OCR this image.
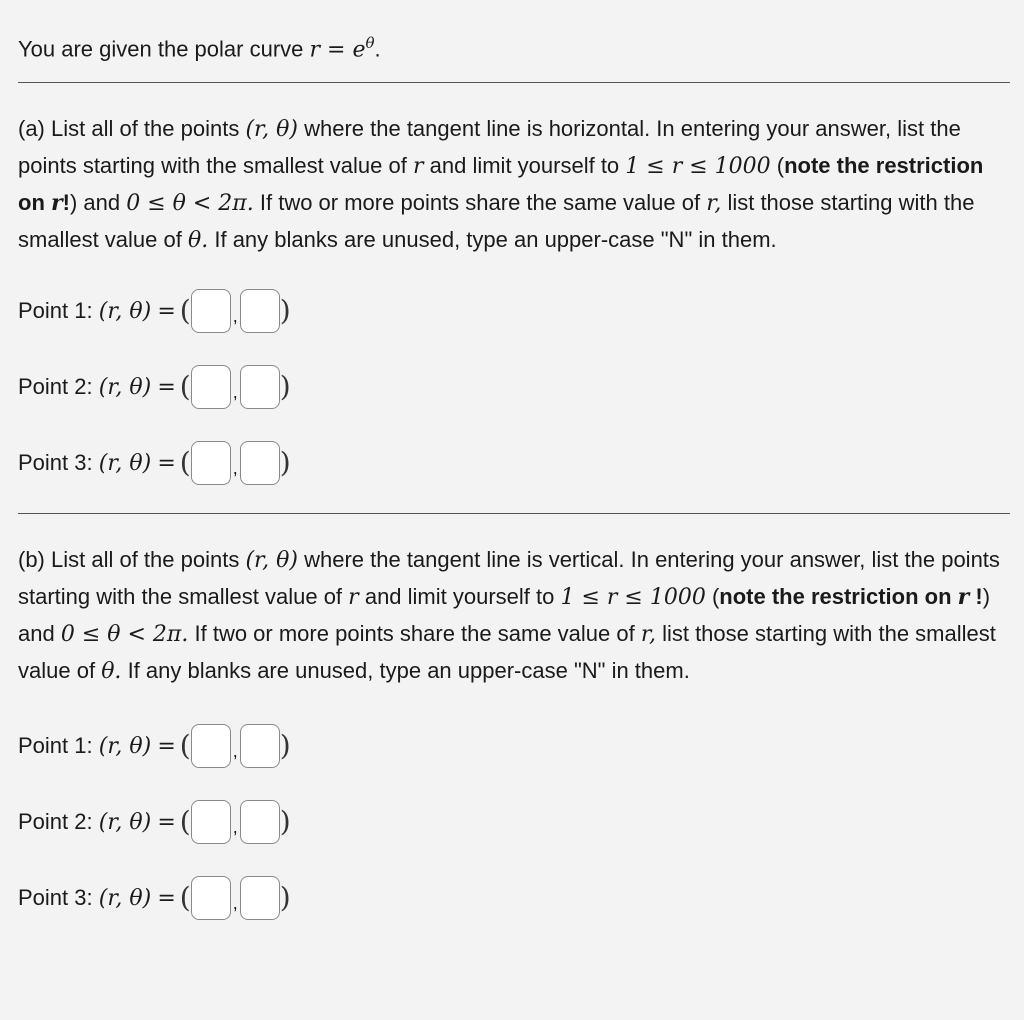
You are given the polar curve $r = e^\theta$.
(a) List all of the points (r, θ) where the tangent line is horizontal. In entering your answer, list the points starting with the smallest value of r and limit yourself to 1 ≤ r ≤ 1000 (note the restriction on r!) and 0 ≤ θ < 2π. If two or more points share the same value of r, list those starting with the smallest value of θ. If any blanks are unused, type an upper-case "N" in them.
Point 1:
(r, θ)
= ( , )
Point 2:
(r, θ)
= ( , )
Point 3:
(r, θ)
= ( , )
(b) List all of the points (r, θ) where the tangent line is vertical. In entering your answer, list the points starting with the smallest value of r and limit yourself to 1 ≤ r ≤ 1000 (note the restriction on r !) and 0 ≤ θ < 2π. If two or more points share the same value of r, list those starting with the smallest value of θ. If any blanks are unused, type an upper-case "N" in them.
Point 1:
(r, θ)
= ( , )
Point 2:
(r, θ)
= ( , )
Point 3:
(r, θ)
= ( , )
